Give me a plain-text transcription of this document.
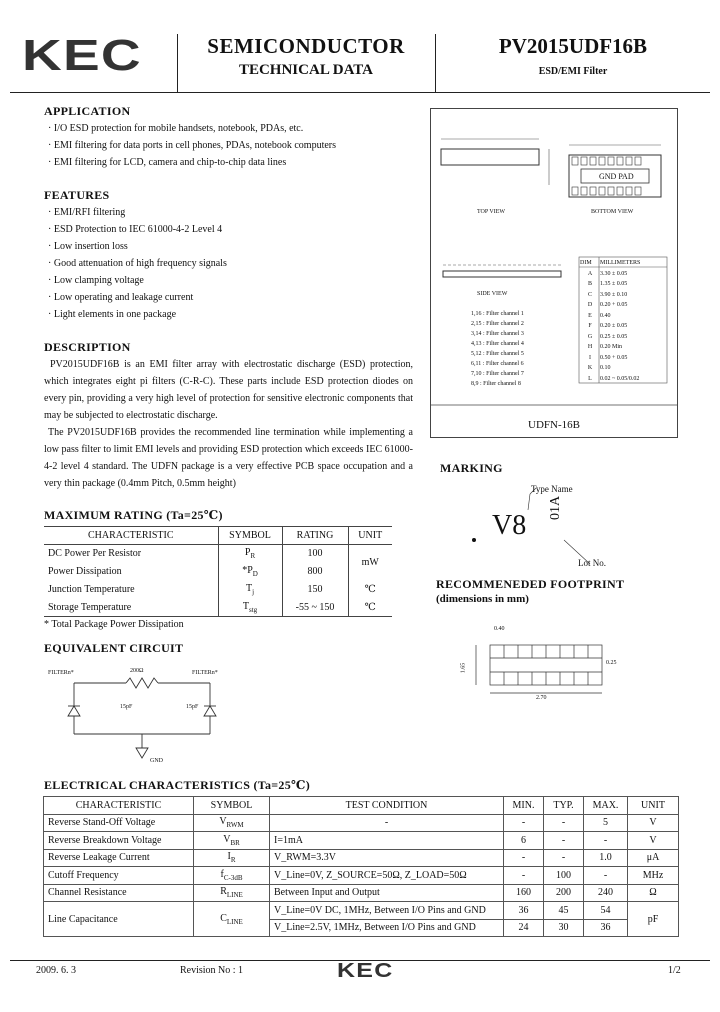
KEC	SEMICONDUCTOR
TECHNICAL DATA
PV2015UDF16B
ESD/EMI Filter
APPLICATION
· I/O ESD protection for mobile handsets, notebook, PDAs, etc.
· EMI filtering for data ports in cell phones, PDAs, notebook computers
· EMI filtering for LCD, camera and chip-to-chip data lines
FEATURES
· EMI/RFI filtering
· ESD Protection to IEC 61000-4-2 Level 4
· Low insertion loss
· Good attenuation of high frequency signals
· Low clamping voltage
· Low operating and leakage current
· Light elements in one package
DESCRIPTION
PV2015UDF16B is an EMI filter array with electrostatic discharge (ESD) protection, which integrates eight pi filters (C-R-C). These parts include ESD protection diodes on every pin, providing a very high level of protection for sensitive electronic components that may be subjected to electrostatic discharge.
The PV2015UDF16B provides the recommended line termination while implementing a low pass filter to limit EMI levels and providing ESD protection which exceeds IEC 61000-4-2 level 4 standard. The UDFN package is a very effective PCB space occupation and a very thin package (0.4mm Pitch, 0.5mm height)
TOP VIEW	BOTTOM VIEW
GND PAD
SIDE VIEW
1,16 : Filter channel 1
2,15 : Filter channel 2
3,14 : Filter channel 3
4,13 : Filter channel 4
5,12 : Filter channel 5
6,11 : Filter channel 6
7,10 : Filter channel 7
8,9 : Filter channel 8
DIM	MILLIMETERS
A	3.30 ± 0.05
B	1.35 ± 0.05
C	3.90 ± 0.10
D	0.20 + 0.05
E	0.40
F	0.20 ± 0.05
G	0.25 ± 0.05
H	0.20 Min
I	0.50 + 0.05
K	0.10
L	0.02 ~ 0.05/0.02
UDFN-16B
MARKING
Type Name
V8
01A
Lot No.
RECOMMENEDED FOOTPRINT
(dimensions in mm)
0.40
0.25
2.70
1.65
MAXIMUM RATING (Ta=25℃)
CHARACTERISTIC	SYMBOL	RATING	UNIT
DC Power Per Resistor	$P_R$	100	mW
Power Dissipation	$*P_D$	800	
Junction Temperature	$T_j$	150	℃
Storage Temperature	$T_{stg}$	-55 ~ 150	℃
* Total Package Power Dissipation
EQUIVALENT CIRCUIT
FILTERn*	FILTERn*
200Ω
15pF	15pF
GND
ELECTRICAL CHARACTERISTICS (Ta=25℃)
CHARACTERISTIC	SYMBOL	TEST CONDITION	MIN.	TYP.	MAX.	UNIT
Reverse Stand-Off Voltage	$V_{RWM}$	-	-	-	5	V
Reverse Breakdown Voltage	$V_{BR}$	I=1mA	6	-	-	V
Reverse Leakage Current	$I_R$	V_RWM=3.3V	-	-	1.0	μA
Cutoff Frequency	$f_{C-3dB}$	V_Line=0V, Z_SOURCE=50Ω, Z_LOAD=50Ω	-	100	-	MHz
Channel Resistance	$R_{LINE}$	Between Input and Output	160	200	240	Ω
Line Capacitance	$C_{LINE}$	V_Line=0V DC, 1MHz, Between I/O Pins and GND	36	45	54	pF
		V_Line=2.5V, 1MHz, Between I/O Pins and GND	24	30	36	
2009. 6. 3	Revision No : 1	KEC	1/2
